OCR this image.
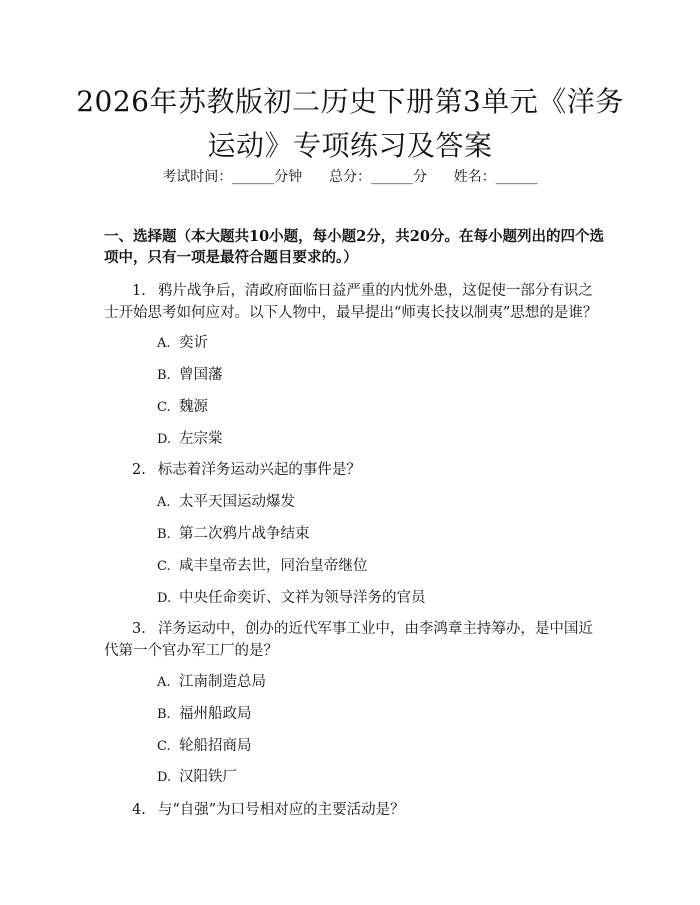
2026年苏教版初二历史下册第3单元《洋务
运动》专项练习及答案
考试时间：______分钟 总分：______分 姓名：______
一、选择题（本大题共10小题，每小题2分，共20分。在每小题列出的四个选
项中，只有一项是最符合题目要求的。）
1. 鸦片战争后，清政府面临日益严重的内忧外患，这促使一部分有识之士开始思考如何应对。以下人物中，最早提出“师夷长技以制夷”思想的是谁？
A. 奕䜣
B. 曾国藩
C. 魏源
D. 左宗棠
2. 标志着洋务运动兴起的事件是？
A. 太平天国运动爆发
B. 第二次鸦片战争结束
C. 咸丰皇帝去世，同治皇帝继位
D. 中央任命奕䜣、文祥为领导洋务的官员
3. 洋务运动中，创办的近代军事工业中，由李鸿章主持筹办，是中国近代第一个官办军工厂的是？
A. 江南制造总局
B. 福州船政局
C. 轮船招商局
D. 汉阳铁厂
4. 与“自强”为口号相对应的主要活动是？
